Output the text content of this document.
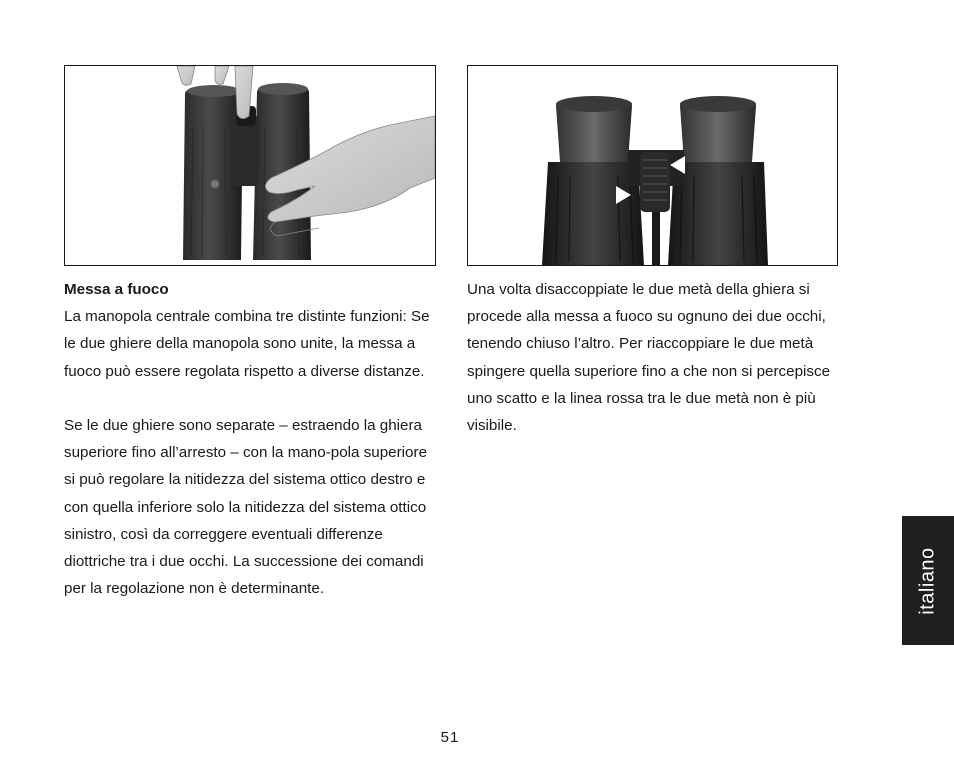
Messa a fuoco

La manopola centrale combina tre distinte funzioni: Se le due ghiere della manopola sono unite, la messa a fuoco può essere regolata rispetto a diverse distanze.

Se le due ghiere sono separate – estraendo la ghiera superiore fino all’arresto – con la mano-pola superiore si può regolare la nitidezza del sistema ottico destro e con quella inferiore solo la nitidezza del sistema ottico sinistro, così da correggere eventuali differenze diottriche tra i due occhi. La successione dei comandi per la regolazione non è determinante.

Una volta disaccoppiate le due metà della ghiera si procede alla messa a fuoco su ognuno dei due occhi, tenendo chiuso l’altro. Per riaccoppiare le due metà spingere quella superiore fino a che non si percepisce uno scatto e la linea rossa tra le due metà non è più visibile.

italiano
51
